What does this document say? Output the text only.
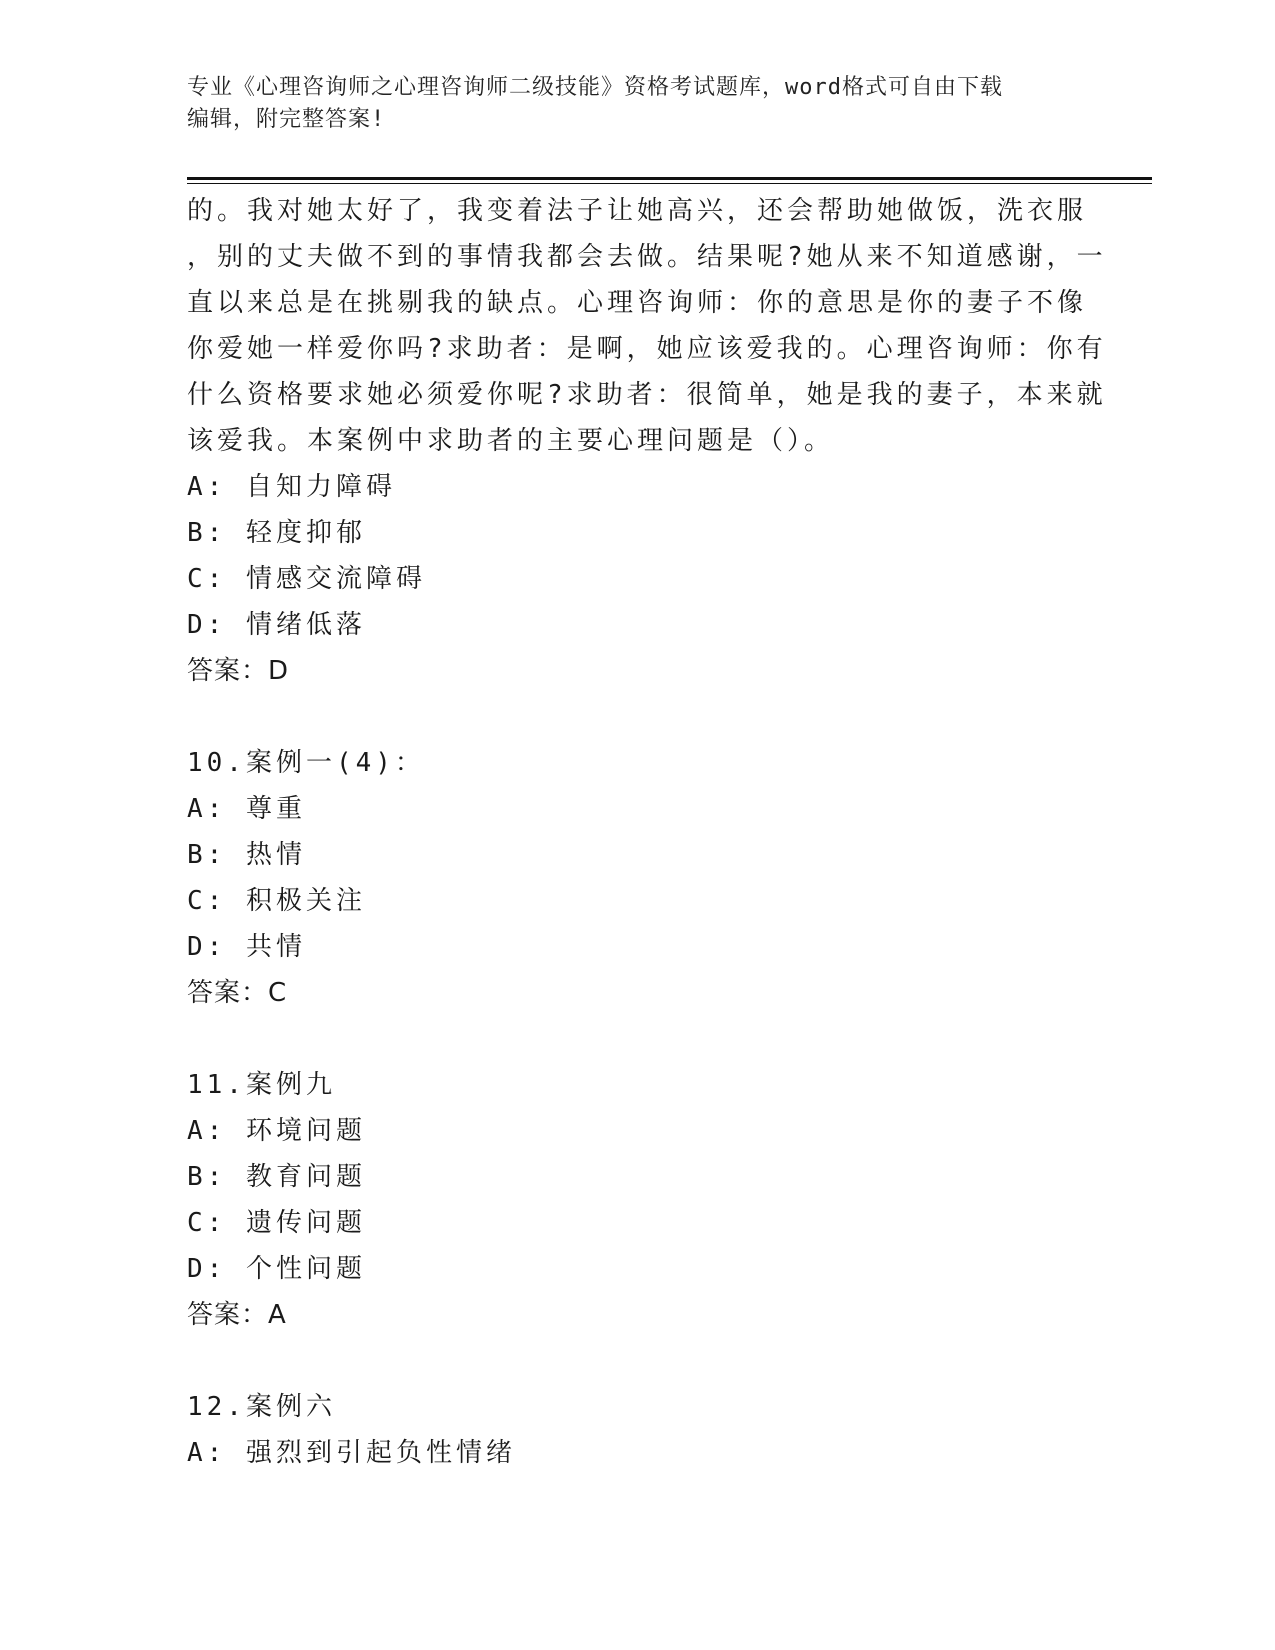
专业《心理咨询师之心理咨询师二级技能》资格考试题库，word格式可自由下载
编辑，附完整答案!
的。我对她太好了，我变着法子让她高兴，还会帮助她做饭，洗衣服
，别的丈夫做不到的事情我都会去做。结果呢?她从来不知道感谢，一
直以来总是在挑剔我的缺点。心理咨询师：你的意思是你的妻子不像
你爱她一样爱你吗?求助者：是啊，她应该爱我的。心理咨询师：你有
什么资格要求她必须爱你呢?求助者：很简单，她是我的妻子，本来就
该爱我。本案例中求助者的主要心理问题是（）。
A: 自知力障碍
B: 轻度抑郁
C: 情感交流障碍
D: 情绪低落
答案：D
10.案例一(4)：
A: 尊重
B: 热情
C: 积极关注
D: 共情
答案：C
11.案例九
A: 环境问题
B: 教育问题
C: 遗传问题
D: 个性问题
答案：A
12.案例六
A: 强烈到引起负性情绪
